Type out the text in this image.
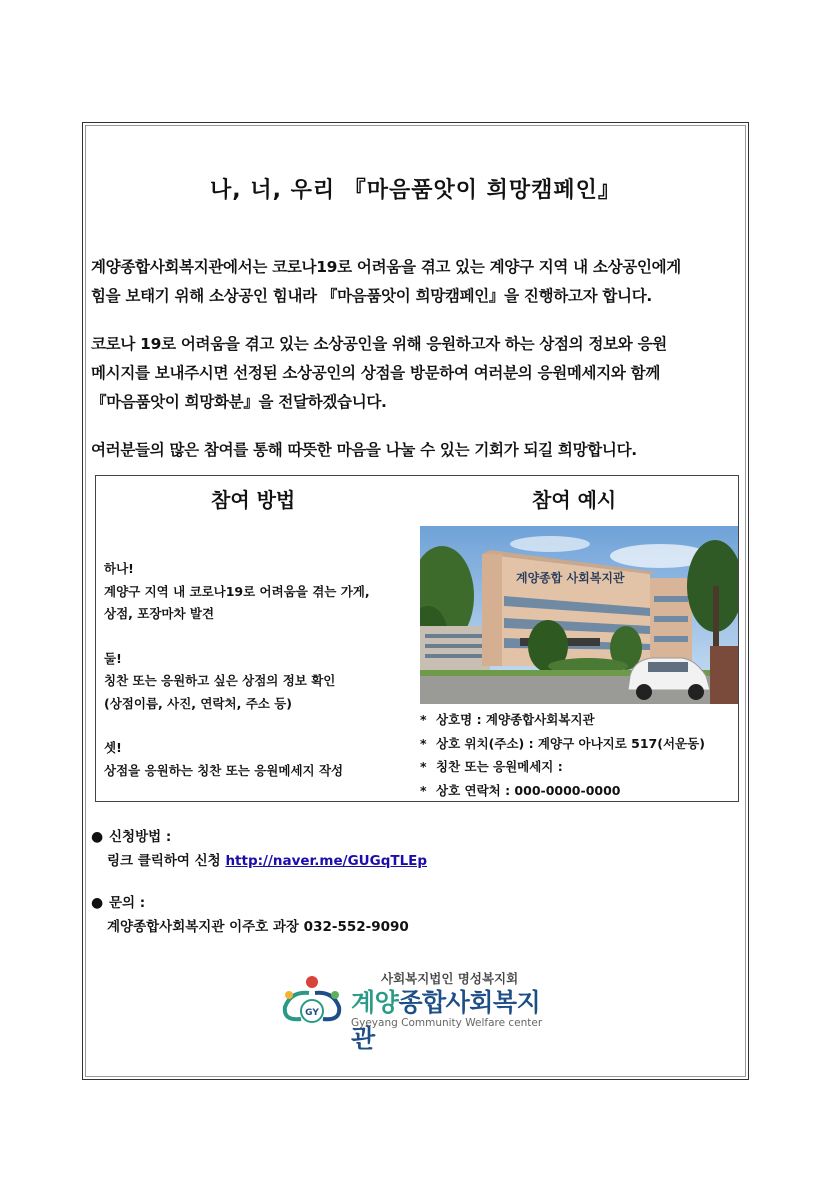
나, 너, 우리 『마음품앗이 희망캠페인』
계양종합사회복지관에서는 코로나19로 어려움을 겪고 있는 계양구 지역 내 소상공인에게
힘을 보태기 위해 소상공인 힘내라 『마음품앗이 희망캠페인』을 진행하고자 합니다.
코로나 19로 어려움을 겪고 있는 소상공인을 위해 응원하고자 하는 상점의 정보와 응원
메시지를 보내주시면 선정된 소상공인의 상점을 방문하여 여러분의 응원메세지와 함께
『마음품앗이 희망화분』을 전달하겠습니다.
여러분들의 많은 참여를 통해 따뜻한 마음을 나눌 수 있는 기회가 되길 희망합니다.
참여 방법	참여 예시
하나!
계양구 지역 내 코로나19로 어려움을 겪는 가게,
상점, 포장마차 발견
둘!
칭찬 또는 응원하고 싶은 상점의 정보 확인
(상점이름, 사진, 연락처, 주소 등)
셋!
상점을 응원하는 칭찬 또는 응원메세지 작성
계양종합 사회복지관
* 상호명 : 계양종합사회복지관
* 상호 위치(주소) : 계양구 아나지로 517(서운동)
* 칭찬 또는 응원메세지 :
* 상호 연락처 : 000-0000-0000
● 신청방법 :
링크 클릭하여 신청 http://naver.me/GUGqTLEp
● 문의 :
계양종합사회복지관 이주호 과장 032-552-9090
GY
사회복지법인 명성복지회
계양종합사회복지관
Gyeyang Community Welfare center
